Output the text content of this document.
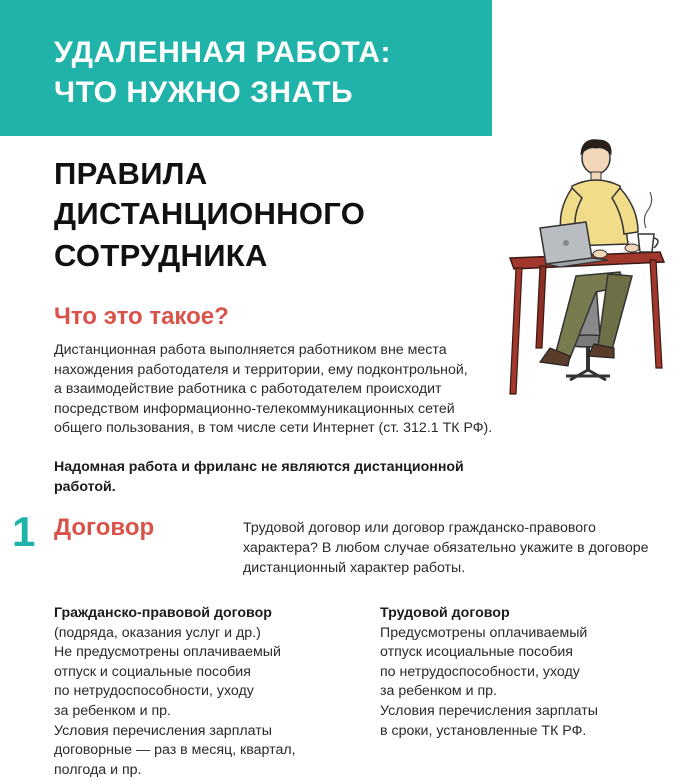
УДАЛЕННАЯ РАБОТА:
ЧТО НУЖНО ЗНАТЬ
ПРАВИЛА
ДИСТАНЦИОННОГО
СОТРУДНИКА
Что это такое?
Дистанционная работа выполняется работником вне места
нахождения работодателя и территории, ему подконтрольной,
а взаимодействие работника с работодателем происходит
посредством информационно-телекоммуникационных сетей
общего пользования, в том числе сети Интернет (ст. 312.1 ТК РФ).
Надомная работа и фриланс не являются дистанционной
работой.
1 Договор	Трудовой договор или договор гражданско-правового
характера? В любом случае обязательно укажите в договоре
дистанционный характер работы.
Гражданско-правовой договор
(подряда, оказания услуг и др.)
Не предусмотрены оплачиваемый
отпуск и социальные пособия
по нетрудоспособности, уходу
за ребенком и пр.
Условия перечисления зарплаты
договорные — раз в месяц, квартал,
полгода и пр.
Трудовой договор
Предусмотрены оплачиваемый
отпуск исоциальные пособия
по нетрудоспособности, уходу
за ребенком и пр.
Условия перечисления зарплаты
в сроки, установленные ТК РФ.
